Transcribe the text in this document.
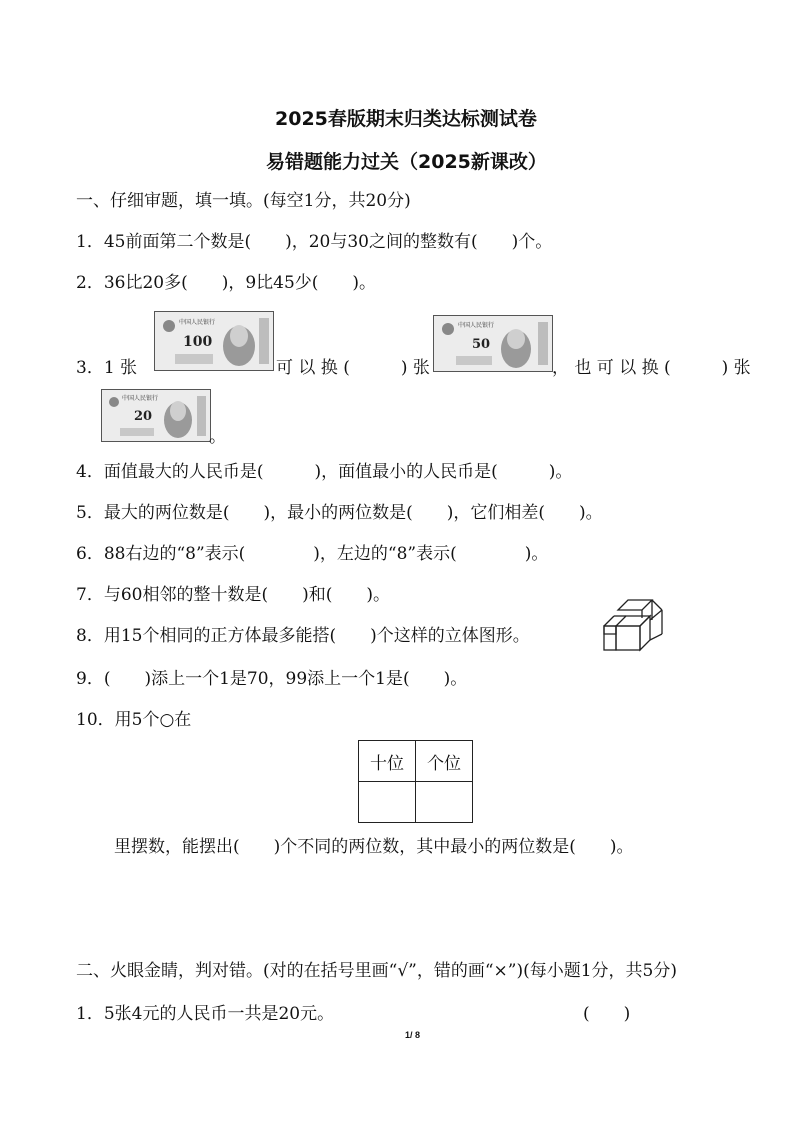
2025春版期末归类达标测试卷
易错题能力过关（2025新课改）
一、仔细审题，填一填。(每空1分，共20分)
1．45前面第二个数是(　　)，20与30之间的整数有(　　)个。
2．36比20多(　　)，9比45少(　　)。
3．1 张
中国人民银行
100
可 以 换 (　　　) 张
中国人民银行
50
， 也 可 以 换 (　　　) 张
中国人民银行
20
。
4．面值最大的人民币是(　　　)，面值最小的人民币是(　　　)。
5．最大的两位数是(　　)，最小的两位数是(　　)，它们相差(　　)。
6．88右边的“8”表示(　　　　)，左边的“8”表示(　　　　)。
7．与60相邻的整十数是(　　)和(　　)。
8．用15个相同的正方体最多能搭(　　)个这样的立体图形。
9．(　　)添上一个1是70，99添上一个1是(　　)。
10．用5个○在
十位	个位

里摆数，能摆出(　　)个不同的两位数，其中最小的两位数是(　　)。
二、火眼金睛，判对错。(对的在括号里画“√”，错的画“×”)(每小题1分，共5分)
1．5张4元的人民币一共是20元。	(　　)
1/ 8
